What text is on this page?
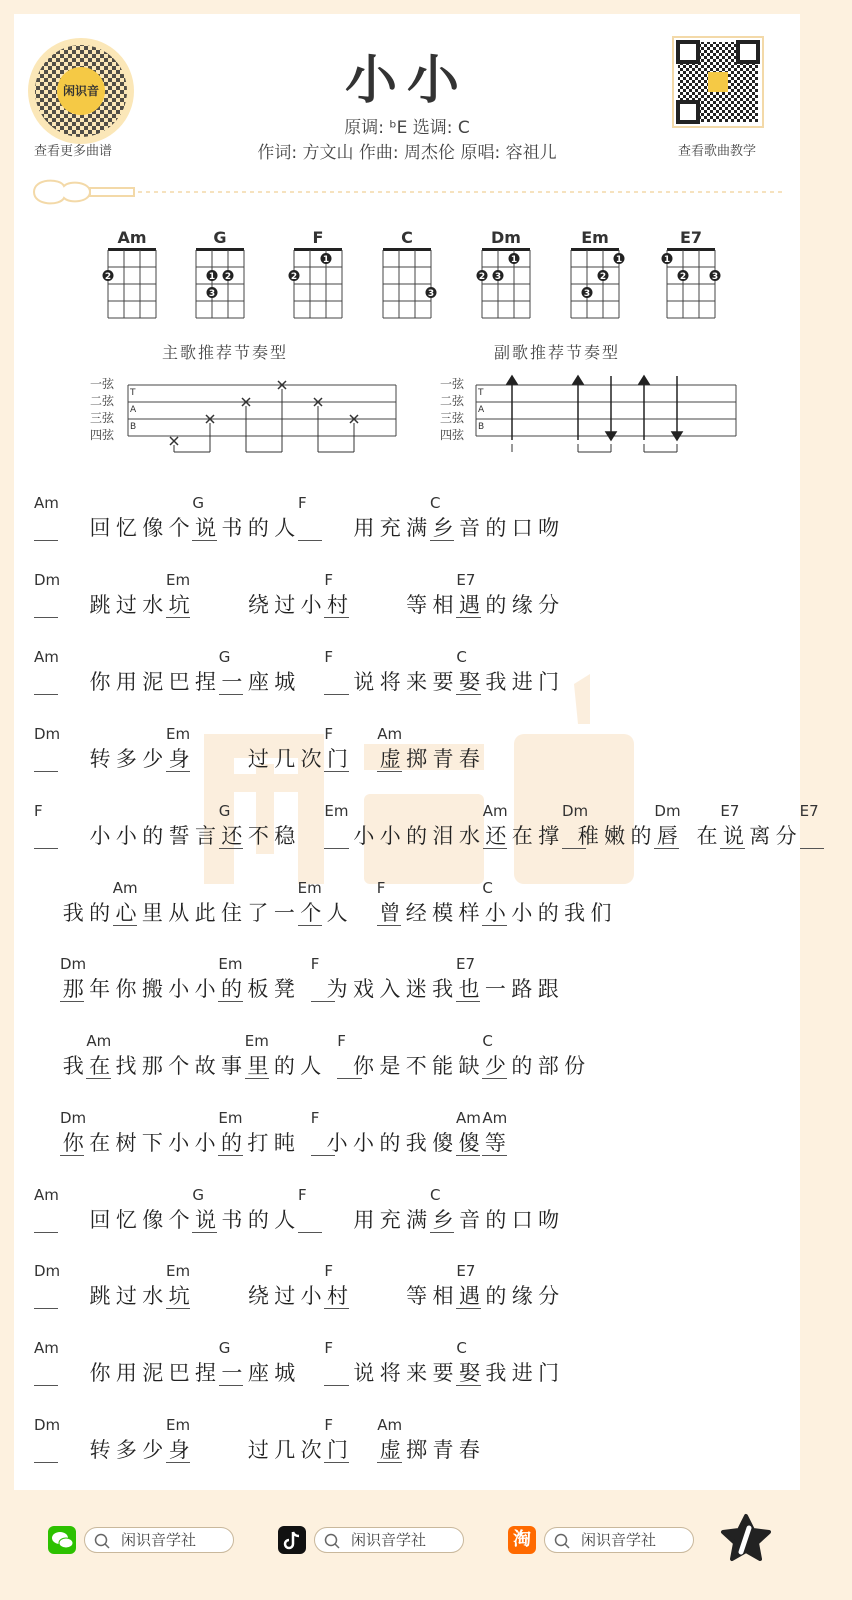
闲识音
查看更多曲谱	查看歌曲教学
小小
原调: ᵇE 选调: C
作词: 方文山 作曲: 周杰伦 原唱: 容祖儿
Am
2
G
1 2
3
F
2
1
C
3
Dm
2 3
1
Em
1
2
3
E7
1
2	3
主歌推荐节奏型	副歌推荐节奏型
一弦
二弦
三弦
四弦
T
A
B
一弦
二弦
三弦
四弦
T
A
B

回 忆 像 个 说 书 的 人

　	用 充 满 乡 音 的 口 吻
Am	G	F	C

跳 过 水 坑

　	绕 过 小 村

　	等 相 遇 的 缘 分
Dm	Em	F	E7

你 用 泥 巴 捏 一 座 城

　	说 将 来 要 娶 我 进 门
Am	G	F	C

转 多 少 身

　	过 几 次 门

  虚 掷 青 春
Dm	Em	F	Am

小 小 的 誓 言 还 不 稳

　	小 小 的 泪 水 还 在 撑
  稚 嫩 的 唇
  在 说 离 分

F	G	Em	Am	Dm	Dm	E7	E7
我 的 心 里 从 此 住 了 一 个 人

  曾 经 模 样 小 小 的 我 们
Am	Em	F	C
那 年 你 搬 小 小 的 板 凳

  为 戏 入 迷 我 也 一 路 跟
Dm	Em	F	E7
我 在 找 那 个 故 事 里 的 人

  你 是 不 能 缺 少 的 部 份
Am	Em	F	C
你 在 树 下 小 小 的 打 盹

  小 小 的 我 傻 傻 等
Dm	Em	F	Am Am

回 忆 像 个 说 书 的 人

　	用 充 满 乡 音 的 口 吻
Am	G	F	C

跳 过 水 坑

　	绕 过 小 村

　	等 相 遇 的 缘 分
Dm	Em	F	E7

你 用 泥 巴 捏 一 座 城

　	说 将 来 要 娶 我 进 门
Am	G	F	C

转 多 少 身

　	过 几 次 门

  虚 掷 青 春
Dm	Em	F	Am
闲识音学社	闲识音学社	淘	闲识音学社
